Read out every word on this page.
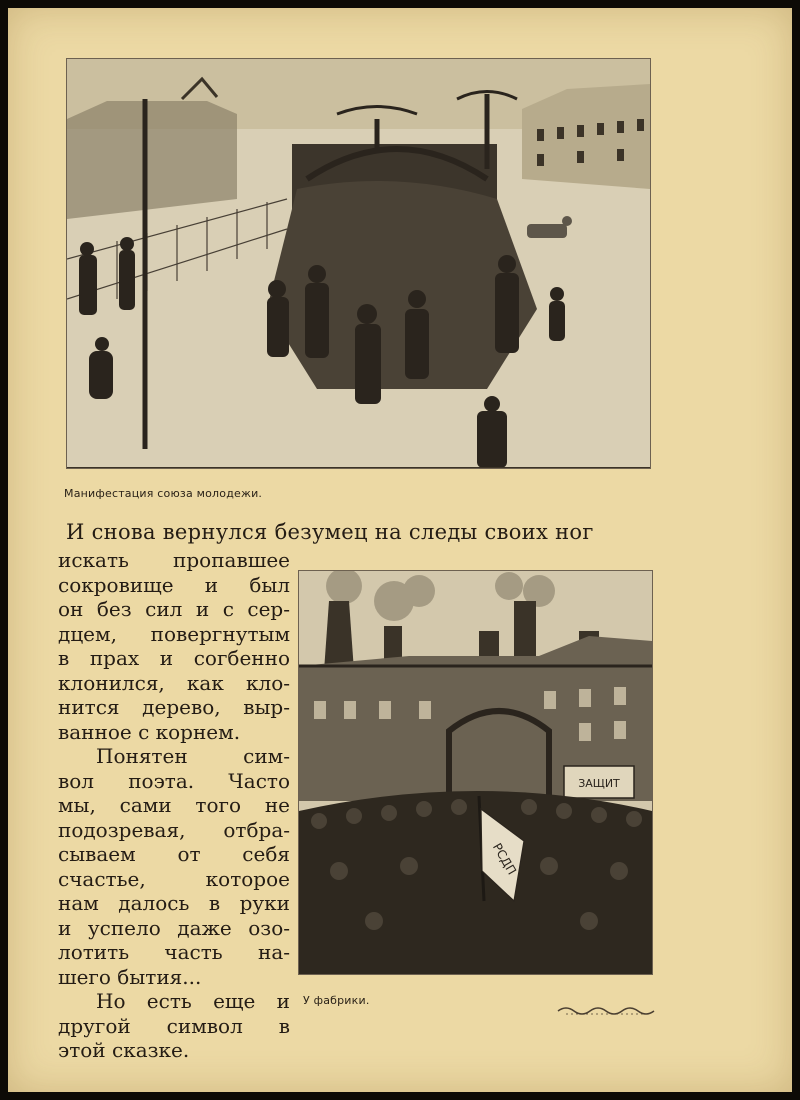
Манифестация союза молодежи.
И снова вернулся безумец на следы своих ног
искать пропавшее
сокровище и был
он без сил и с сер-
дцем, повергнутым
в прах и согбенно
клонился, как кло-
нится дерево, выр-
ванное с корнем.
Понятен сим-
вол поэта. Часто
мы, сами того не
подозревая, отбра-
сываем от себя
счастье, которое
нам далось в руки
и успело даже озо-
лотить часть на-
шего бытия...
Но есть еще и
другой символ в
этой сказке.
ЗАЩИТ
РСДП
У фабрики.
